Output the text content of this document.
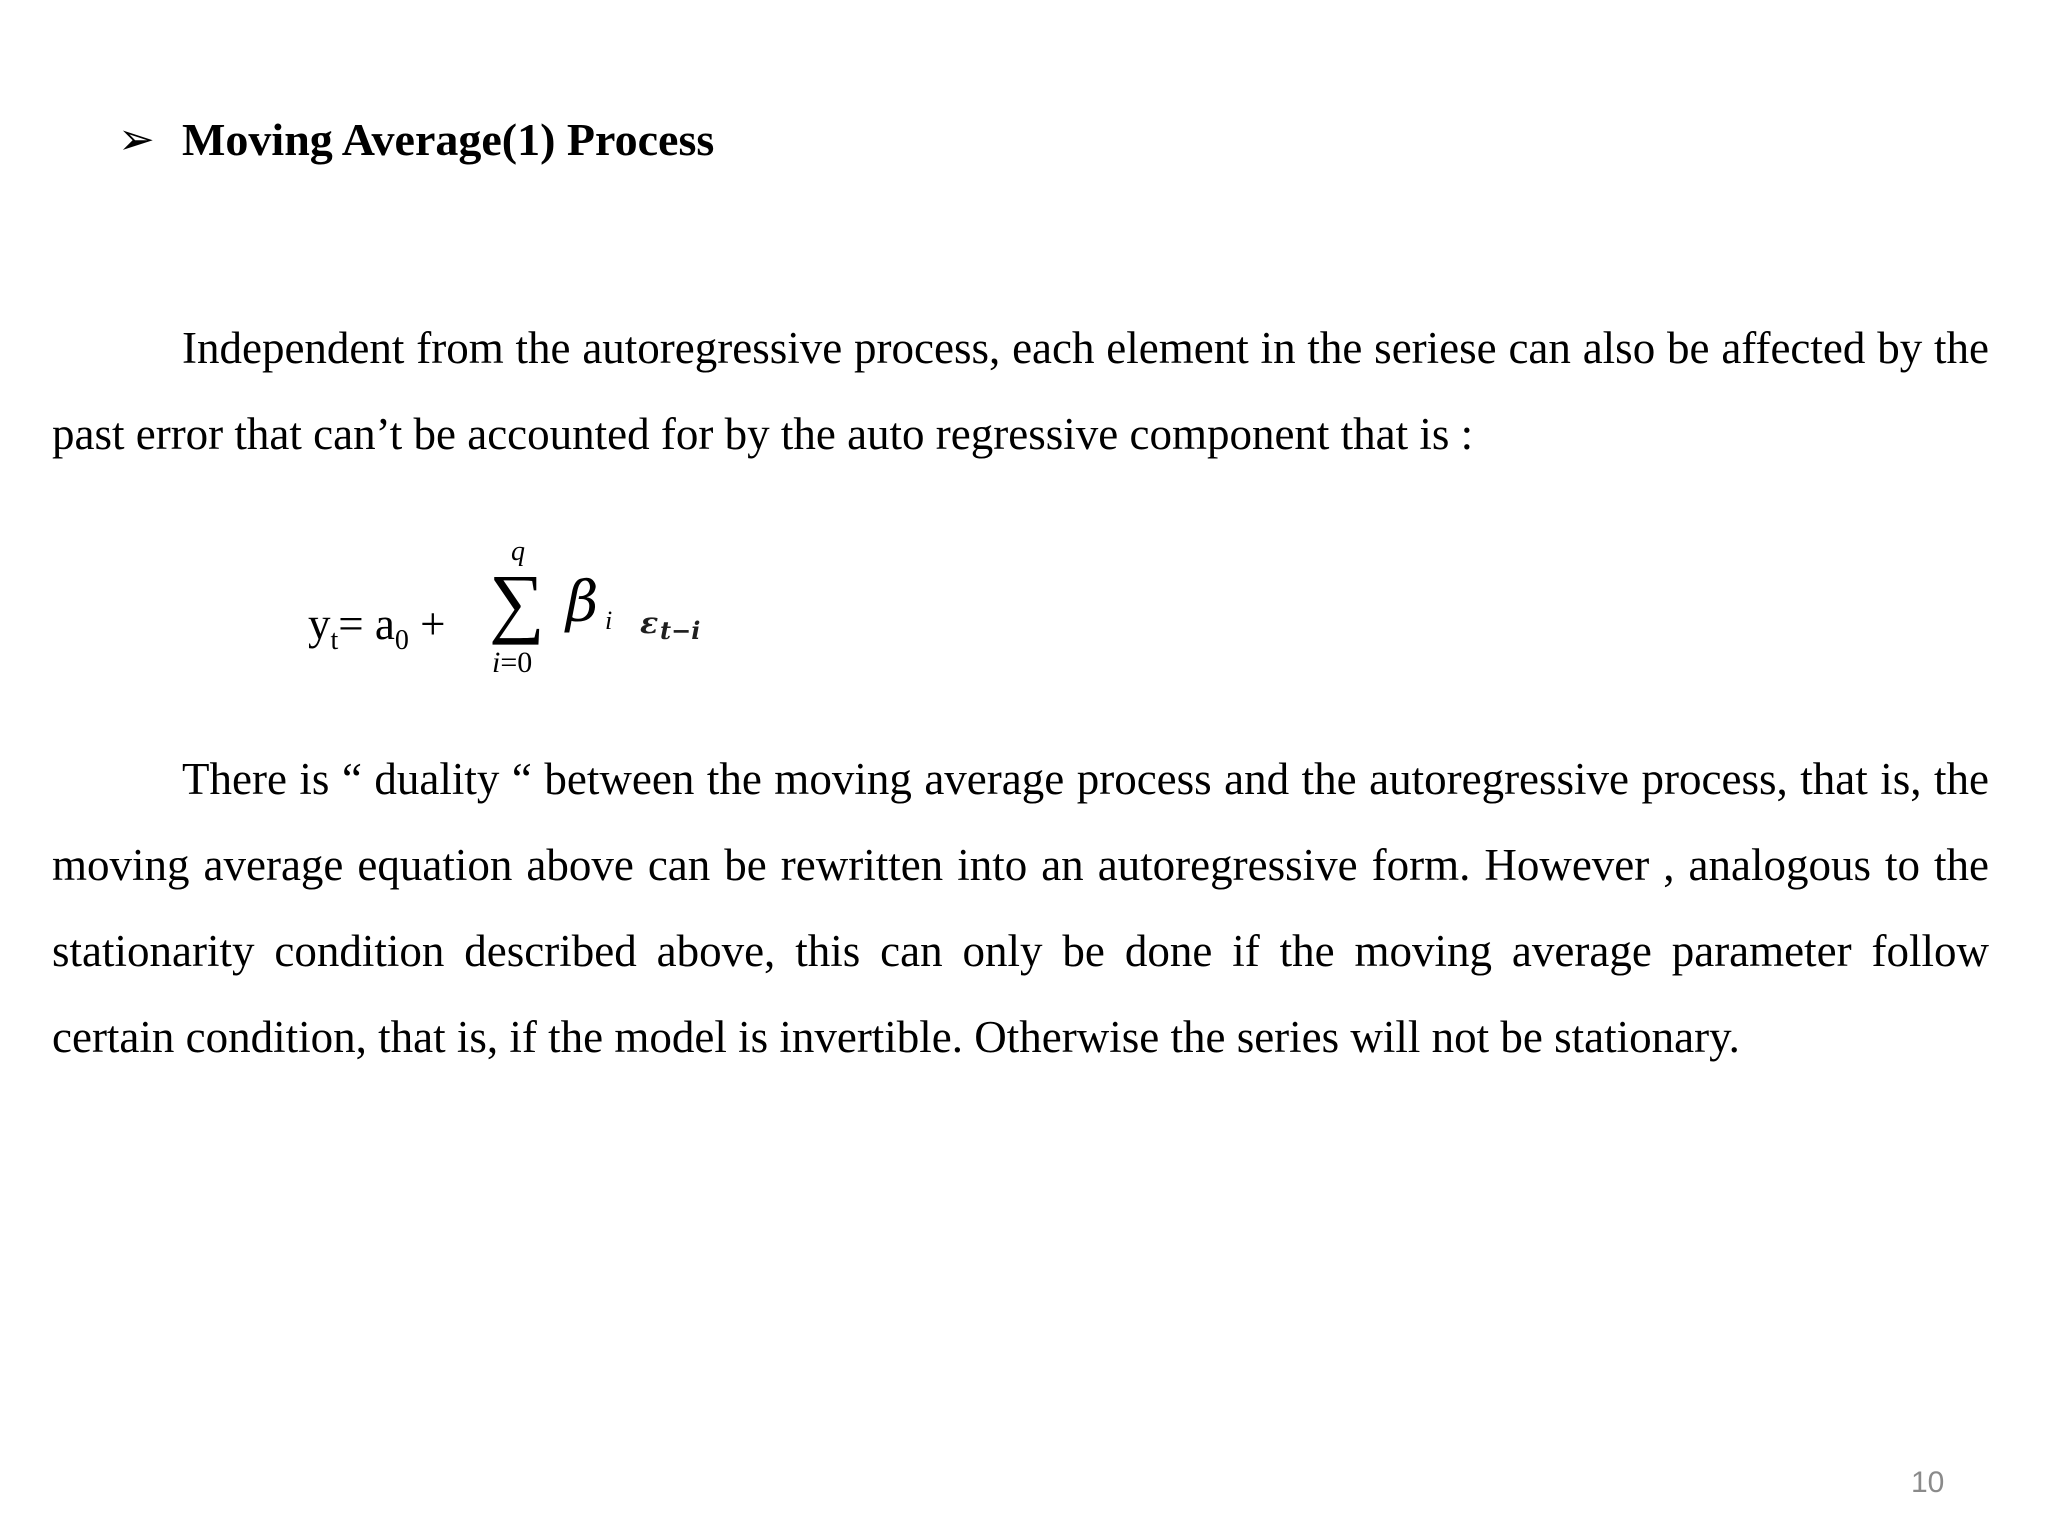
➢ Moving Average(1) Process

Independent from the autoregressive process, each element in the seriese can also be affected by the past error that can’t be accounted for by the auto regressive component that is :

$y_t= a_0$ +
q
∑
i=0
β i ε t−i

There is “ duality “ between the moving average process and the autoregressive process, that is, the moving average equation above can be rewritten into an autoregressive form. However , analogous to the stationarity condition described above, this can only be done if the moving average parameter follow certain condition, that is, if the model is invertible. Otherwise the series will not be stationary.

10
